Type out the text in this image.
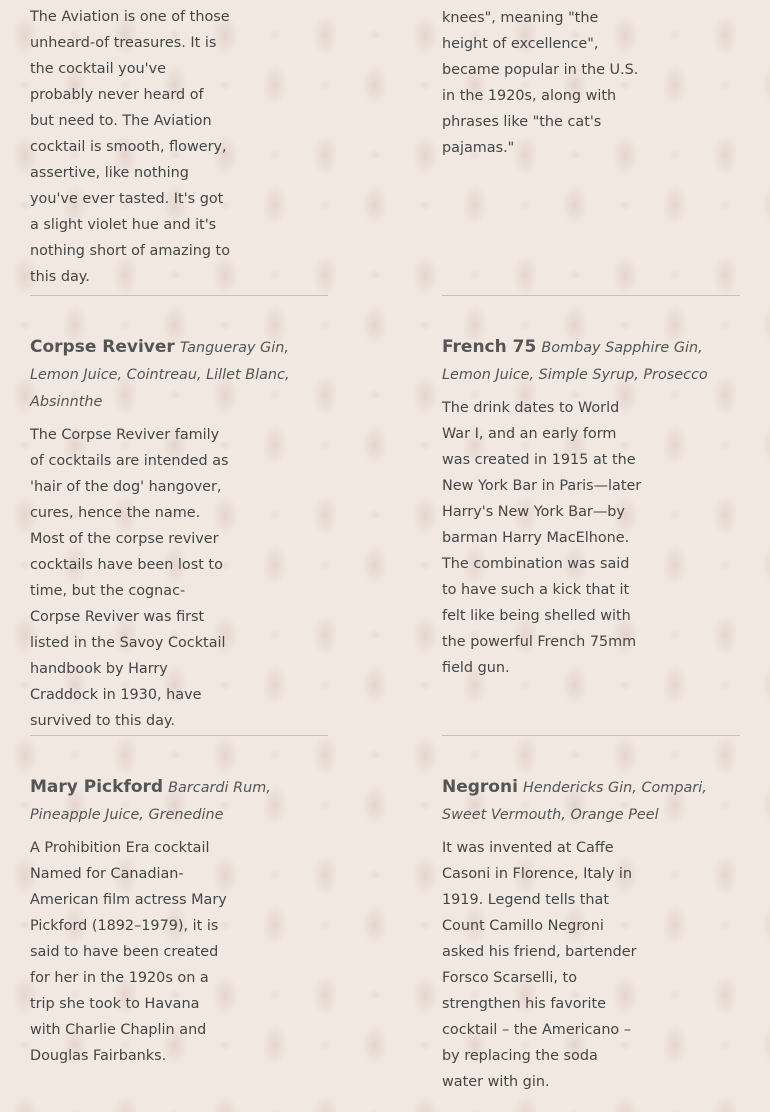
The Aviation is one of those unheard-of treasures. It is the cocktail you've probably never heard of but need to. The Aviation cocktail is smooth, flowery, assertive, like nothing you've ever tasted. It's got a slight violet hue and it's nothing short of amazing to this day.

knees", meaning "the height of excellence", became popular in the U.S. in the 1920s, along with phrases like "the cat's pajamas."

Corpse Reviver Tangueray Gin, Lemon Juice, Cointreau, Lillet Blanc, Absinnthe

The Corpse Reviver family of cocktails are intended as 'hair of the dog' hangover, cures, hence the name. Most of the corpse reviver cocktails have been lost to time, but the cognac-Corpse Reviver was first listed in the Savoy Cocktail handbook by Harry Craddock in 1930, have survived to this day.

French 75 Bombay Sapphire Gin, Lemon Juice, Simple Syrup, Prosecco

The drink dates to World War I, and an early form was created in 1915 at the New York Bar in Paris—later Harry's New York Bar—by barman Harry MacElhone. The combination was said to have such a kick that it felt like being shelled with the powerful French 75mm field gun.

Mary Pickford Barcardi Rum, Pineapple Juice, Grenedine

A Prohibition Era cocktail Named for Canadian-American film actress Mary Pickford (1892–1979), it is said to have been created for her in the 1920s on a trip she took to Havana with Charlie Chaplin and Douglas Fairbanks.

Negroni Hendericks Gin, Compari, Sweet Vermouth, Orange Peel

It was invented at Caffe Casoni in Florence, Italy in 1919. Legend tells that Count Camillo Negroni asked his friend, bartender Forsco Scarselli, to strengthen his favorite cocktail – the Americano – by replacing the soda water with gin.
